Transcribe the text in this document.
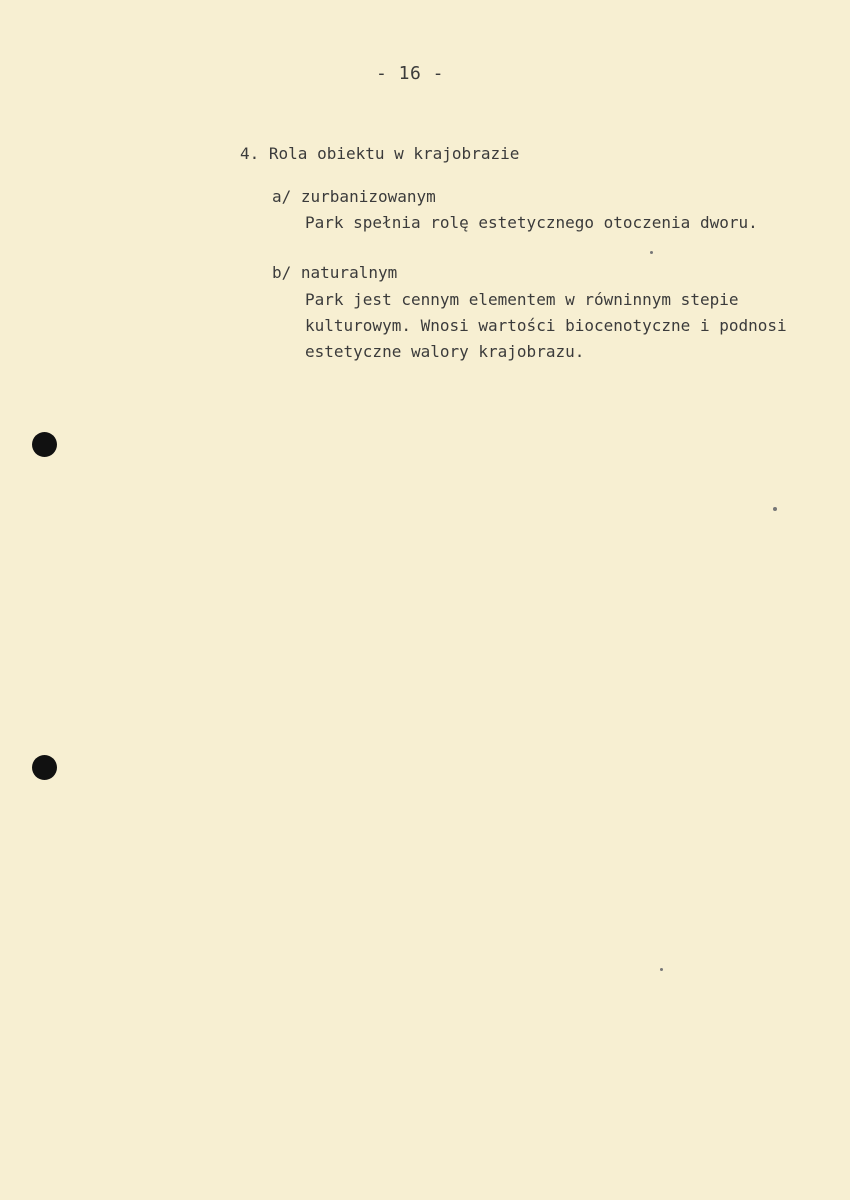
- 16 -
4. Rola obiektu w krajobrazie
a/ zurbanizowanym
Park spełnia rolę estetycznego otoczenia dworu.
b/ naturalnym
Park jest cennym elementem w równinnym stepie
kulturowym. Wnosi wartości biocenotyczne i podnosi
estetyczne walory krajobrazu.
